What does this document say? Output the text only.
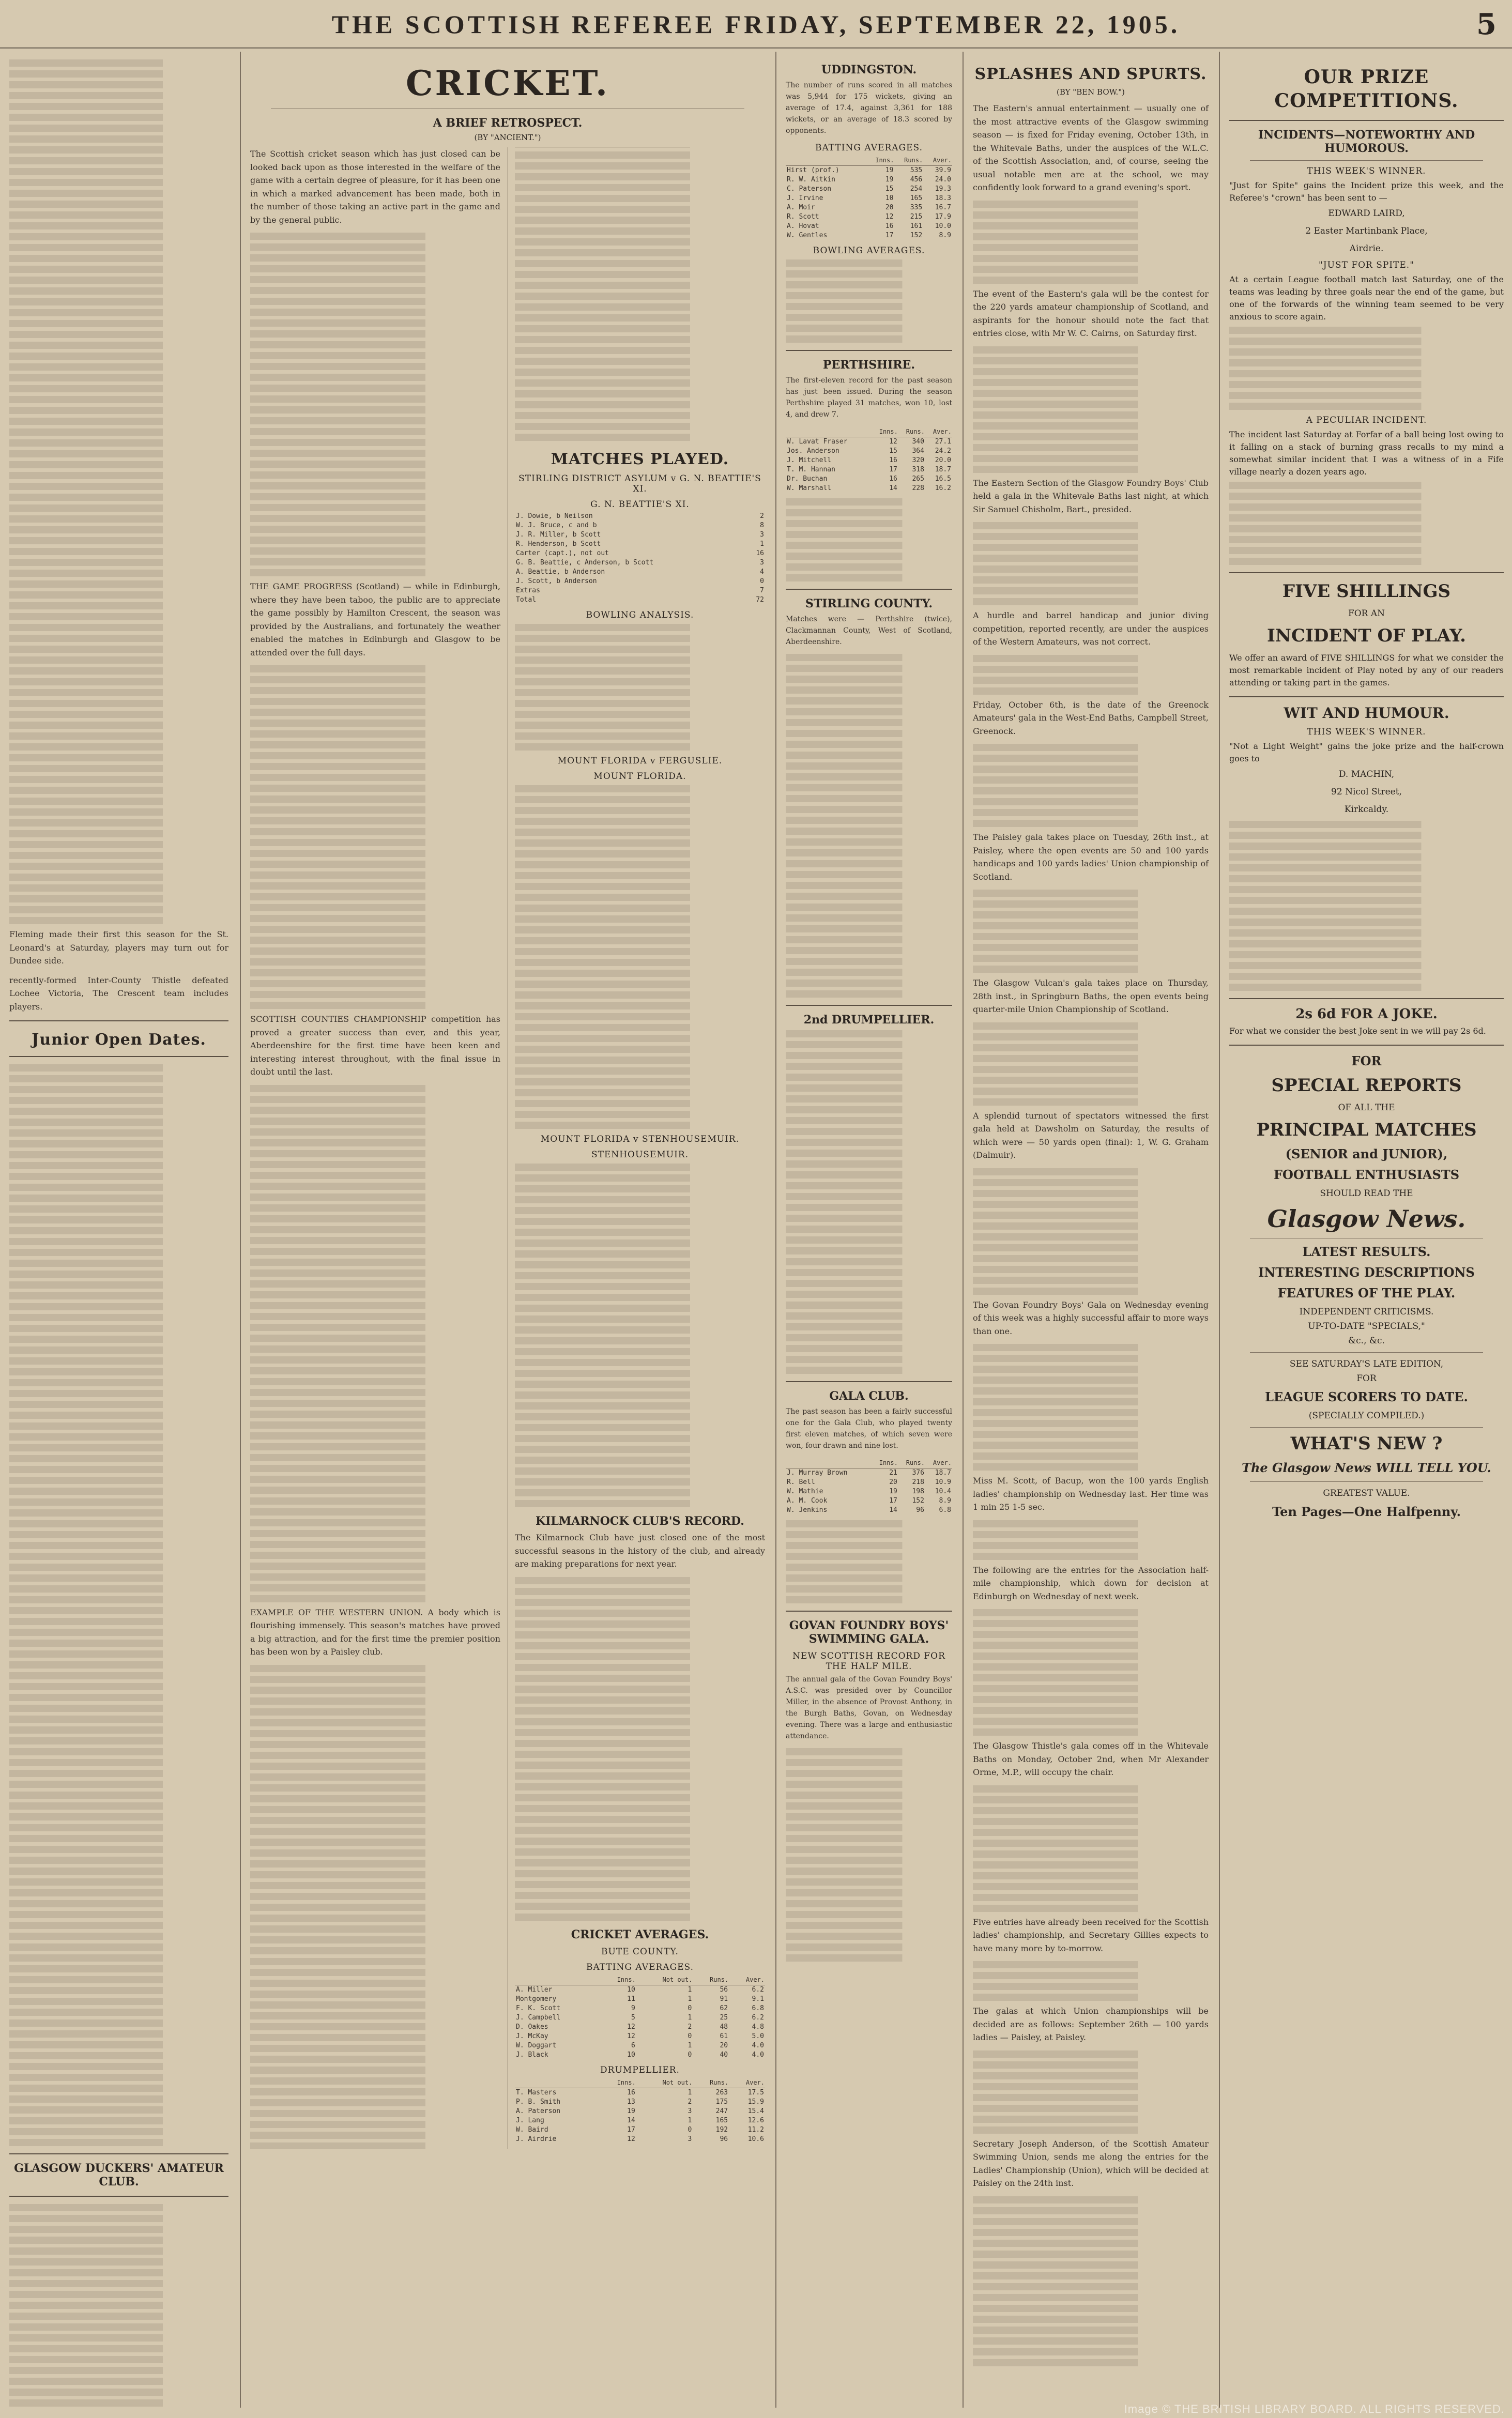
THE SCOTTISH REFEREE FRIDAY, SEPTEMBER 22, 1905.	5

Fleming made their first this season for the St. Leonard's at Saturday, players may turn out for Dundee side.

recently-formed Inter-County Thistle defeated Lochee Victoria, The Crescent team includes players.

Junior Open Dates.
GLASGOW DUCKERS' AMATEUR CLUB.
CRICKET.
A BRIEF RETROSPECT.
(BY "ANCIENT.")

The Scottish cricket season which has just closed can be looked back upon as those interested in the welfare of the game with a certain degree of pleasure, for it has been one in which a marked advancement has been made, both in the number of those taking an active part in the game and by the general public.

THE GAME PROGRESS (Scotland) — while in Edinburgh, where they have been taboo, the public are to appreciate the game possibly by Hamilton Crescent, the season was provided by the Australians, and fortunately the weather enabled the matches in Edinburgh and Glasgow to be attended over the full days.

SCOTTISH COUNTIES CHAMPIONSHIP competition has proved a greater success than ever, and this year, Aberdeenshire for the first time have been keen and interesting interest throughout, with the final issue in doubt until the last.

EXAMPLE OF THE WESTERN UNION. A body which is flourishing immensely. This season's matches have proved a big attraction, and for the first time the premier position has been won by a Paisley club.

MATCHES PLAYED.
STIRLING DISTRICT ASYLUM v G. N. BEATTIE'S XI.
G. N. BEATTIE'S XI.
J. Dowie, b Neilson	2
W. J. Bruce, c and b	8
J. R. Miller, b Scott	3
R. Henderson, b Scott	1
Carter (capt.), not out	16
G. B. Beattie, c Anderson, b Scott	3
A. Beattie, b Anderson	4
J. Scott, b Anderson	0
Extras	7
Total	72
BOWLING ANALYSIS.
MOUNT FLORIDA v FERGUSLIE.
MOUNT FLORIDA.
MOUNT FLORIDA v STENHOUSEMUIR.
STENHOUSEMUIR.
KILMARNOCK CLUB'S RECORD.

The Kilmarnock Club have just closed one of the most successful seasons in the history of the club, and already are making preparations for next year.

CRICKET AVERAGES.
BUTE COUNTY.
BATTING AVERAGES.
	Inns.	Not out.	Runs.	Aver.
A. Miller	10	1	56	6.2
Montgomery	11	1	91	9.1
F. K. Scott	9	0	62	6.8
J. Campbell	5	1	25	6.2
D. Oakes	12	2	48	4.8
J. McKay	12	0	61	5.0
W. Doggart	6	1	20	4.0
J. Black	10	0	40	4.0
DRUMPELLIER.
	Inns.	Not out.	Runs.	Aver.
T. Masters	16	1	263	17.5
P. B. Smith	13	2	175	15.9
A. Paterson	19	3	247	15.4
J. Lang	14	1	165	12.6
W. Baird	17	0	192	11.2
J. Airdrie	12	3	96	10.6
UDDINGSTON.

The number of runs scored in all matches was 5,944 for 175 wickets, giving an average of 17.4, against 3,361 for 188 wickets, or an average of 18.3 scored by opponents.

BATTING AVERAGES.
	Inns.	Runs.	Aver.
Hirst (prof.)	19	535	39.9
R. W. Aitkin	19	456	24.0
C. Paterson	15	254	19.3
J. Irvine	10	165	18.3
A. Moir	20	335	16.7
R. Scott	12	215	17.9
A. Hovat	16	161	10.0
W. Gentles	17	152	8.9
BOWLING AVERAGES.
PERTHSHIRE.

The first-eleven record for the past season has just been issued. During the season Perthshire played 31 matches, won 10, lost 4, and drew 7.

	Inns.	Runs.	Aver.
W. Lavat Fraser	12	340	27.1
Jos. Anderson	15	364	24.2
J. Mitchell	16	320	20.0
T. M. Hannan	17	318	18.7
Dr. Buchan	16	265	16.5
W. Marshall	14	228	16.2
STIRLING COUNTY.

Matches were — Perthshire (twice), Clackmannan County, West of Scotland, Aberdeenshire.

2nd DRUMPELLIER.
GALA CLUB.

The past season has been a fairly successful one for the Gala Club, who played twenty first eleven matches, of which seven were won, four drawn and nine lost.

	Inns.	Runs.	Aver.
J. Murray Brown	21	376	18.7
R. Bell	20	218	10.9
W. Mathie	19	198	10.4
A. M. Cook	17	152	8.9
W. Jenkins	14	96	6.8
GOVAN FOUNDRY BOYS' SWIMMING GALA.
NEW SCOTTISH RECORD FOR THE HALF MILE.

The annual gala of the Govan Foundry Boys' A.S.C. was presided over by Councillor Miller, in the absence of Provost Anthony, in the Burgh Baths, Govan, on Wednesday evening. There was a large and enthusiastic attendance.

SPLASHES AND SPURTS.
(BY "BEN BOW.")

The Eastern's annual entertainment — usually one of the most attractive events of the Glasgow swimming season — is fixed for Friday evening, October 13th, in the Whitevale Baths, under the auspices of the W.L.C. of the Scottish Association, and, of course, seeing the usual notable men are at the school, we may confidently look forward to a grand evening's sport.

The event of the Eastern's gala will be the contest for the 220 yards amateur championship of Scotland, and aspirants for the honour should note the fact that entries close, with Mr W. C. Cairns, on Saturday first.

The Eastern Section of the Glasgow Foundry Boys' Club held a gala in the Whitevale Baths last night, at which Sir Samuel Chisholm, Bart., presided.

A hurdle and barrel handicap and junior diving competition, reported recently, are under the auspices of the Western Amateurs, was not correct.

Friday, October 6th, is the date of the Greenock Amateurs' gala in the West-End Baths, Campbell Street, Greenock.

The Paisley gala takes place on Tuesday, 26th inst., at Paisley, where the open events are 50 and 100 yards handicaps and 100 yards ladies' Union championship of Scotland.

The Glasgow Vulcan's gala takes place on Thursday, 28th inst., in Springburn Baths, the open events being quarter-mile Union Championship of Scotland.

A splendid turnout of spectators witnessed the first gala held at Dawsholm on Saturday, the results of which were — 50 yards open (final): 1, W. G. Graham (Dalmuir).

The Govan Foundry Boys' Gala on Wednesday evening of this week was a highly successful affair to more ways than one.

Miss M. Scott, of Bacup, won the 100 yards English ladies' championship on Wednesday last. Her time was 1 min 25 1-5 sec.

The following are the entries for the Association half-mile championship, which down for decision at Edinburgh on Wednesday of next week.

The Glasgow Thistle's gala comes off in the Whitevale Baths on Monday, October 2nd, when Mr Alexander Orme, M.P., will occupy the chair.

Five entries have already been received for the Scottish ladies' championship, and Secretary Gillies expects to have many more by to-morrow.

The galas at which Union championships will be decided are as follows: September 26th — 100 yards ladies — Paisley, at Paisley.

Secretary Joseph Anderson, of the Scottish Amateur Swimming Union, sends me along the entries for the Ladies' Championship (Union), which will be decided at Paisley on the 24th inst.

OUR PRIZE COMPETITIONS.
INCIDENTS—NOTEWORTHY AND HUMOROUS.
THIS WEEK'S WINNER.

"Just for Spite" gains the Incident prize this week, and the Referee's "crown" has been sent to —

EDWARD LAIRD,
2 Easter Martinbank Place,
Airdrie.
"JUST FOR SPITE."

At a certain League football match last Saturday, one of the teams was leading by three goals near the end of the game, but one of the forwards of the winning team seemed to be very anxious to score again.

A PECULIAR INCIDENT.

The incident last Saturday at Forfar of a ball being lost owing to it falling on a stack of burning grass recalls to my mind a somewhat similar incident that I was a witness of in a Fife village nearly a dozen years ago.

FIVE SHILLINGS
FOR AN
INCIDENT OF PLAY.

We offer an award of FIVE SHILLINGS for what we consider the most remarkable incident of Play noted by any of our readers attending or taking part in the games.

WIT AND HUMOUR.
THIS WEEK'S WINNER.

"Not a Light Weight" gains the joke prize and the half-crown goes to

D. MACHIN,
92 Nicol Street,
Kirkcaldy.
2s 6d FOR A JOKE.

For what we consider the best Joke sent in we will pay 2s 6d.

FOR
SPECIAL REPORTS
OF ALL THE
PRINCIPAL MATCHES
(SENIOR and JUNIOR),
FOOTBALL ENTHUSIASTS
SHOULD READ THE
Glasgow News.
LATEST RESULTS.
INTERESTING DESCRIPTIONS
FEATURES OF THE PLAY.
INDEPENDENT CRITICISMS.
UP-TO-DATE "SPECIALS,"
&c., &c.
SEE SATURDAY'S LATE EDITION,
FOR
LEAGUE SCORERS TO DATE.
(SPECIALLY COMPILED.)
WHAT'S NEW ?
The Glasgow News WILL TELL YOU.
GREATEST VALUE.
Ten Pages—One Halfpenny.
Image © THE BRITISH LIBRARY BOARD. ALL RIGHTS RESERVED.
